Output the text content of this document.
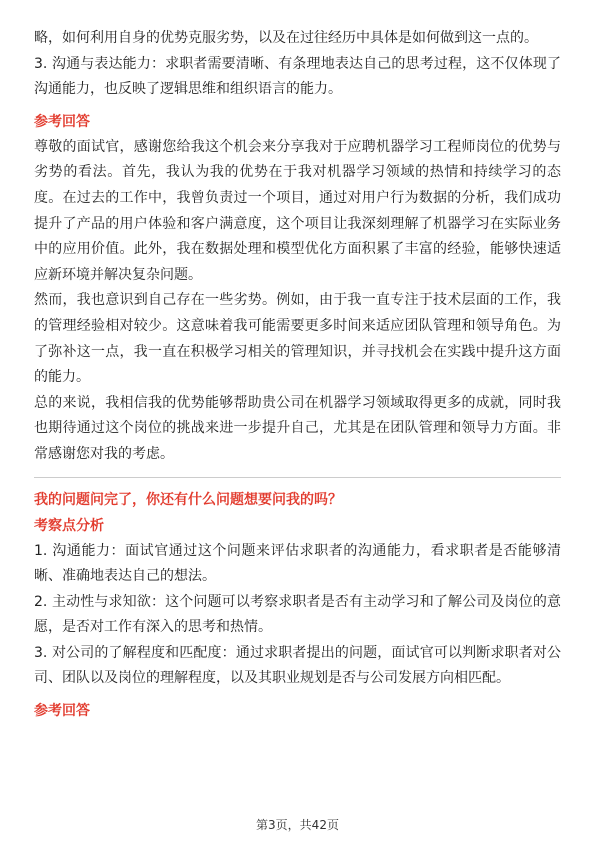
略，如何利用自身的优势克服劣势，以及在过往经历中具体是如何做到这一点的。

3. 沟通与表达能力：求职者需要清晰、有条理地表达自己的思考过程，这不仅体现了沟通能力，也反映了逻辑思维和组织语言的能力。

参考回答

尊敬的面试官，感谢您给我这个机会来分享我对于应聘机器学习工程师岗位的优势与劣势的看法。首先，我认为我的优势在于我对机器学习领域的热情和持续学习的态度。在过去的工作中，我曾负责过一个项目，通过对用户行为数据的分析，我们成功提升了产品的用户体验和客户满意度，这个项目让我深刻理解了机器学习在实际业务中的应用价值。此外，我在数据处理和模型优化方面积累了丰富的经验，能够快速适应新环境并解决复杂问题。

然而，我也意识到自己存在一些劣势。例如，由于我一直专注于技术层面的工作，我的管理经验相对较少。这意味着我可能需要更多时间来适应团队管理和领导角色。为了弥补这一点，我一直在积极学习相关的管理知识，并寻找机会在实践中提升这方面的能力。

总的来说，我相信我的优势能够帮助贵公司在机器学习领域取得更多的成就，同时我也期待通过这个岗位的挑战来进一步提升自己，尤其是在团队管理和领导力方面。非常感谢您对我的考虑。

我的问题问完了，你还有什么问题想要问我的吗？

考察点分析

1. 沟通能力：面试官通过这个问题来评估求职者的沟通能力，看求职者是否能够清晰、准确地表达自己的想法。

2. 主动性与求知欲：这个问题可以考察求职者是否有主动学习和了解公司及岗位的意愿，是否对工作有深入的思考和热情。

3. 对公司的了解程度和匹配度：通过求职者提出的问题，面试官可以判断求职者对公司、团队以及岗位的理解程度，以及其职业规划是否与公司发展方向相匹配。

参考回答

第3页，共42页
